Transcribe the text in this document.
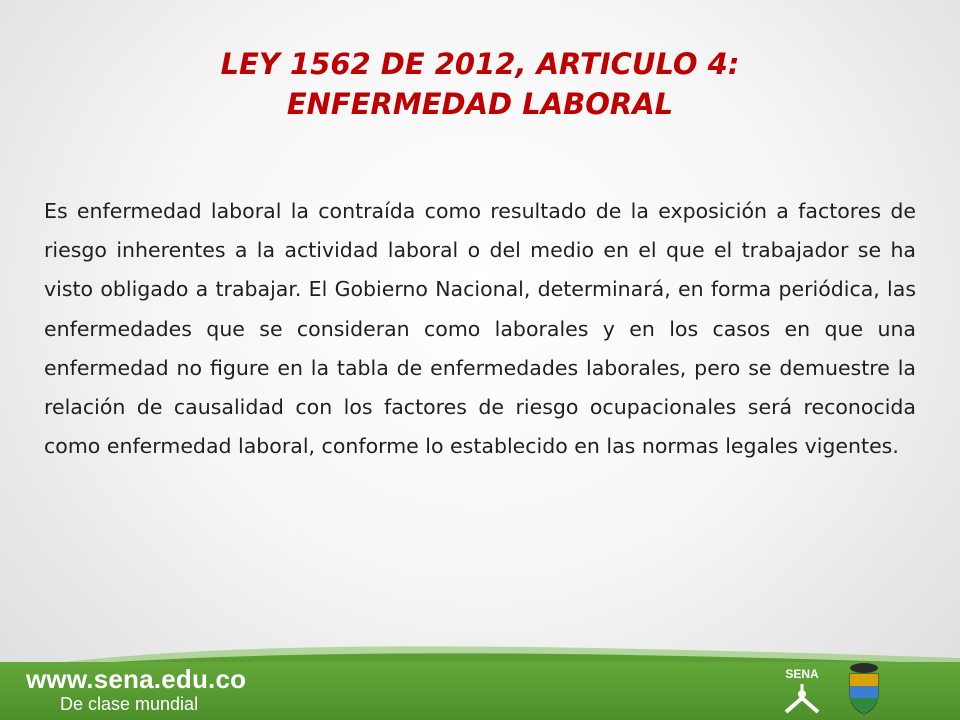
LEY 1562 DE 2012, ARTICULO 4:
ENFERMEDAD LABORAL
Es enfermedad laboral la contraída como resultado de la exposición a factores de riesgo inherentes a la actividad laboral o del medio en el que el trabajador se ha visto obligado a trabajar. El Gobierno Nacional, determinará, en forma periódica, las enfermedades que se consideran como laborales y en los casos en que una enfermedad no figure en la tabla de enfermedades laborales, pero se demuestre la relación de causalidad con los factores de riesgo ocupacionales será reconocida como enfermedad laboral, conforme lo establecido en las normas legales vigentes.
www.sena.edu.co
De clase mundial
SENA
